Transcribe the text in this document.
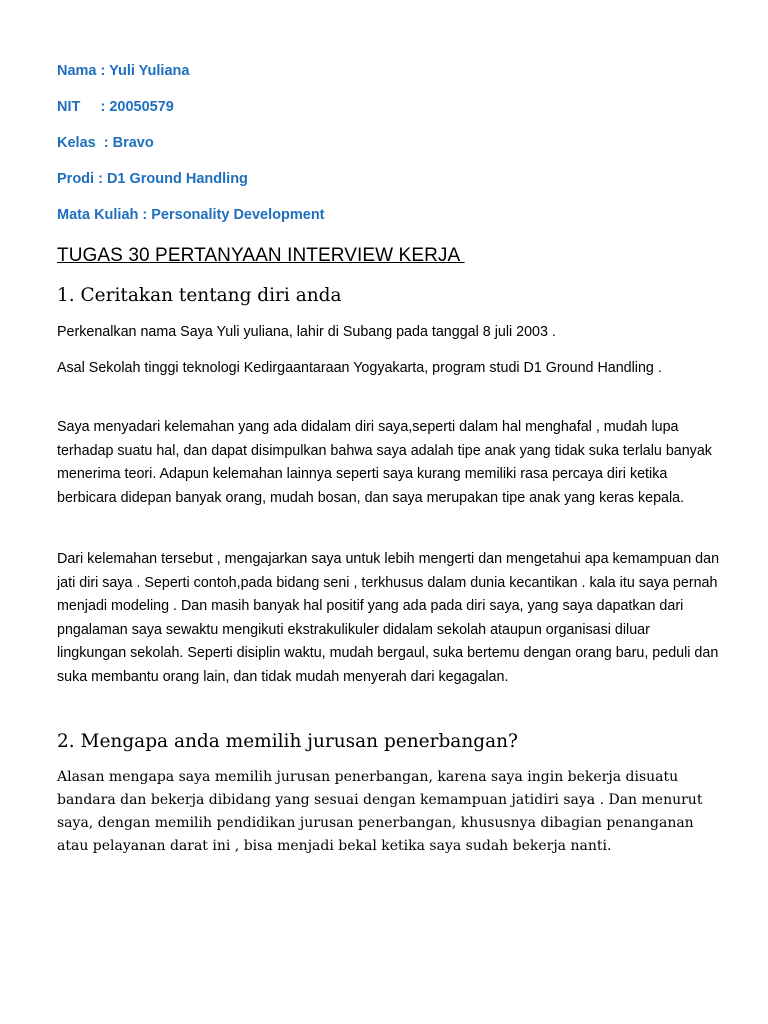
Nama : Yuli Yuliana
NIT     : 20050579
Kelas  : Bravo
Prodi : D1 Ground Handling
Mata Kuliah : Personality Development
TUGAS 30 PERTANYAAN INTERVIEW KERJA
1. Ceritakan tentang diri anda

Perkenalkan nama Saya Yuli yuliana, lahir di Subang pada tanggal 8 juli 2003 .

Asal Sekolah tinggi teknologi Kedirgaantaraan Yogyakarta, program studi D1 Ground Handling .

Saya menyadari kelemahan yang ada didalam diri saya,seperti dalam hal menghafal , mudah lupa terhadap suatu hal, dan dapat disimpulkan bahwa saya adalah tipe anak yang tidak suka terlalu banyak menerima teori. Adapun kelemahan lainnya seperti saya kurang memiliki rasa percaya diri ketika berbicara didepan banyak orang, mudah bosan, dan saya merupakan tipe anak yang keras kepala.

Dari kelemahan tersebut , mengajarkan saya untuk lebih mengerti dan mengetahui apa kemampuan dan jati diri saya . Seperti contoh,pada bidang seni , terkhusus dalam dunia kecantikan . kala itu saya pernah menjadi modeling . Dan masih banyak hal positif yang ada pada diri saya, yang saya dapatkan dari pngalaman saya sewaktu mengikuti ekstrakulikuler didalam sekolah ataupun organisasi diluar lingkungan sekolah. Seperti disiplin waktu, mudah bergaul, suka bertemu dengan orang baru, peduli dan suka membantu orang lain, dan tidak mudah menyerah dari kegagalan.

2. Mengapa anda memilih jurusan penerbangan?

Alasan mengapa saya memilih jurusan penerbangan, karena saya ingin bekerja disuatu bandara dan bekerja dibidang yang sesuai dengan kemampuan jatidiri saya . Dan menurut saya, dengan memilih pendidikan jurusan penerbangan, khususnya dibagian penanganan atau pelayanan darat ini , bisa menjadi bekal ketika saya sudah bekerja nanti.
